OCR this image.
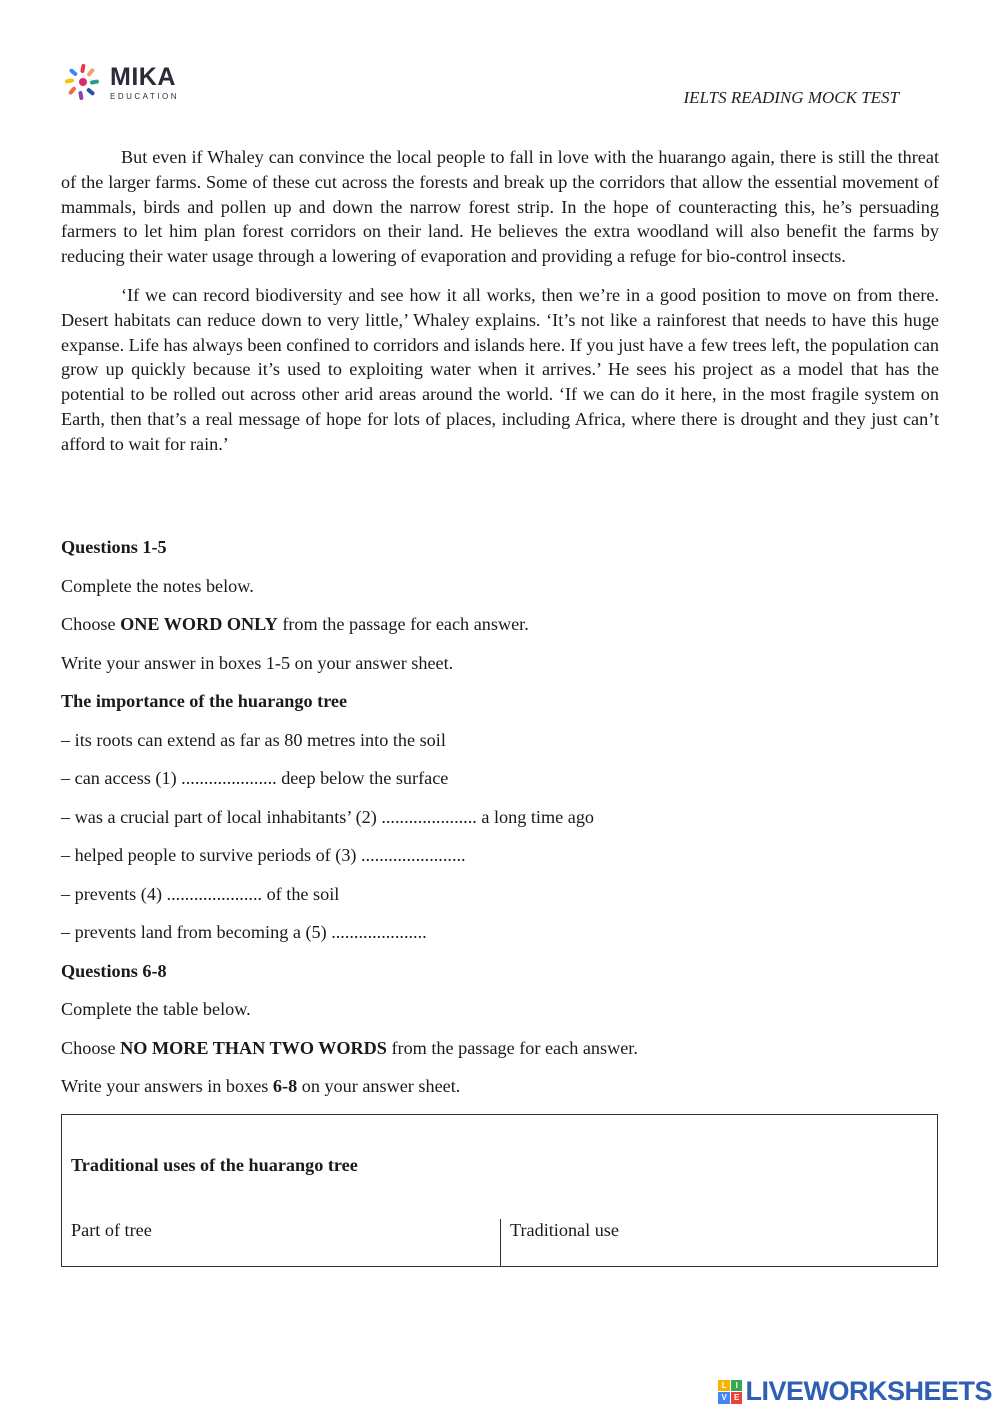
MIKA
EDUCATION	IELTS READING MOCK TEST

But even if Whaley can convince the local people to fall in love with the huarango again, there is still the threat of the larger farms. Some of these cut across the forests and break up the corridors that allow the essential movement of mammals, birds and pollen up and down the narrow forest strip. In the hope of counteracting this, he’s persuading farmers to let him plan forest corridors on their land. He believes the extra woodland will also benefit the farms by reducing their water usage through a lowering of evaporation and providing a refuge for bio-control insects.

‘If we can record biodiversity and see how it all works, then we’re in a good position to move on from there. Desert habitats can reduce down to very little,’ Whaley explains. ‘It’s not like a rainforest that needs to have this huge expanse. Life has always been confined to corridors and islands here. If you just have a few trees left, the population can grow up quickly because it’s used to exploiting water when it arrives.’ He sees his project as a model that has the potential to be rolled out across other arid areas around the world. ‘If we can do it here, in the most fragile system on Earth, then that’s a real message of hope for lots of places, including Africa, where there is drought and they just can’t afford to wait for rain.’

Questions 1-5
Complete the notes below.
Choose ONE WORD ONLY from the passage for each answer.
Write your answer in boxes 1-5 on your answer sheet.
The importance of the huarango tree
– its roots can extend as far as 80 metres into the soil
– can access (1) ..................... deep below the surface
– was a crucial part of local inhabitants’ (2) ..................... a long time ago
– helped people to survive periods of (3) .......................
– prevents (4) ..................... of the soil
– prevents land from becoming a (5) .....................
Questions 6-8
Complete the table below.
Choose NO MORE THAN TWO WORDS from the passage for each answer.
Write your answers in boxes 6-8 on your answer sheet.
Traditional uses of the huarango tree
Part of tree	Traditional use
L	I
V E LIVEWORKSHEETS
